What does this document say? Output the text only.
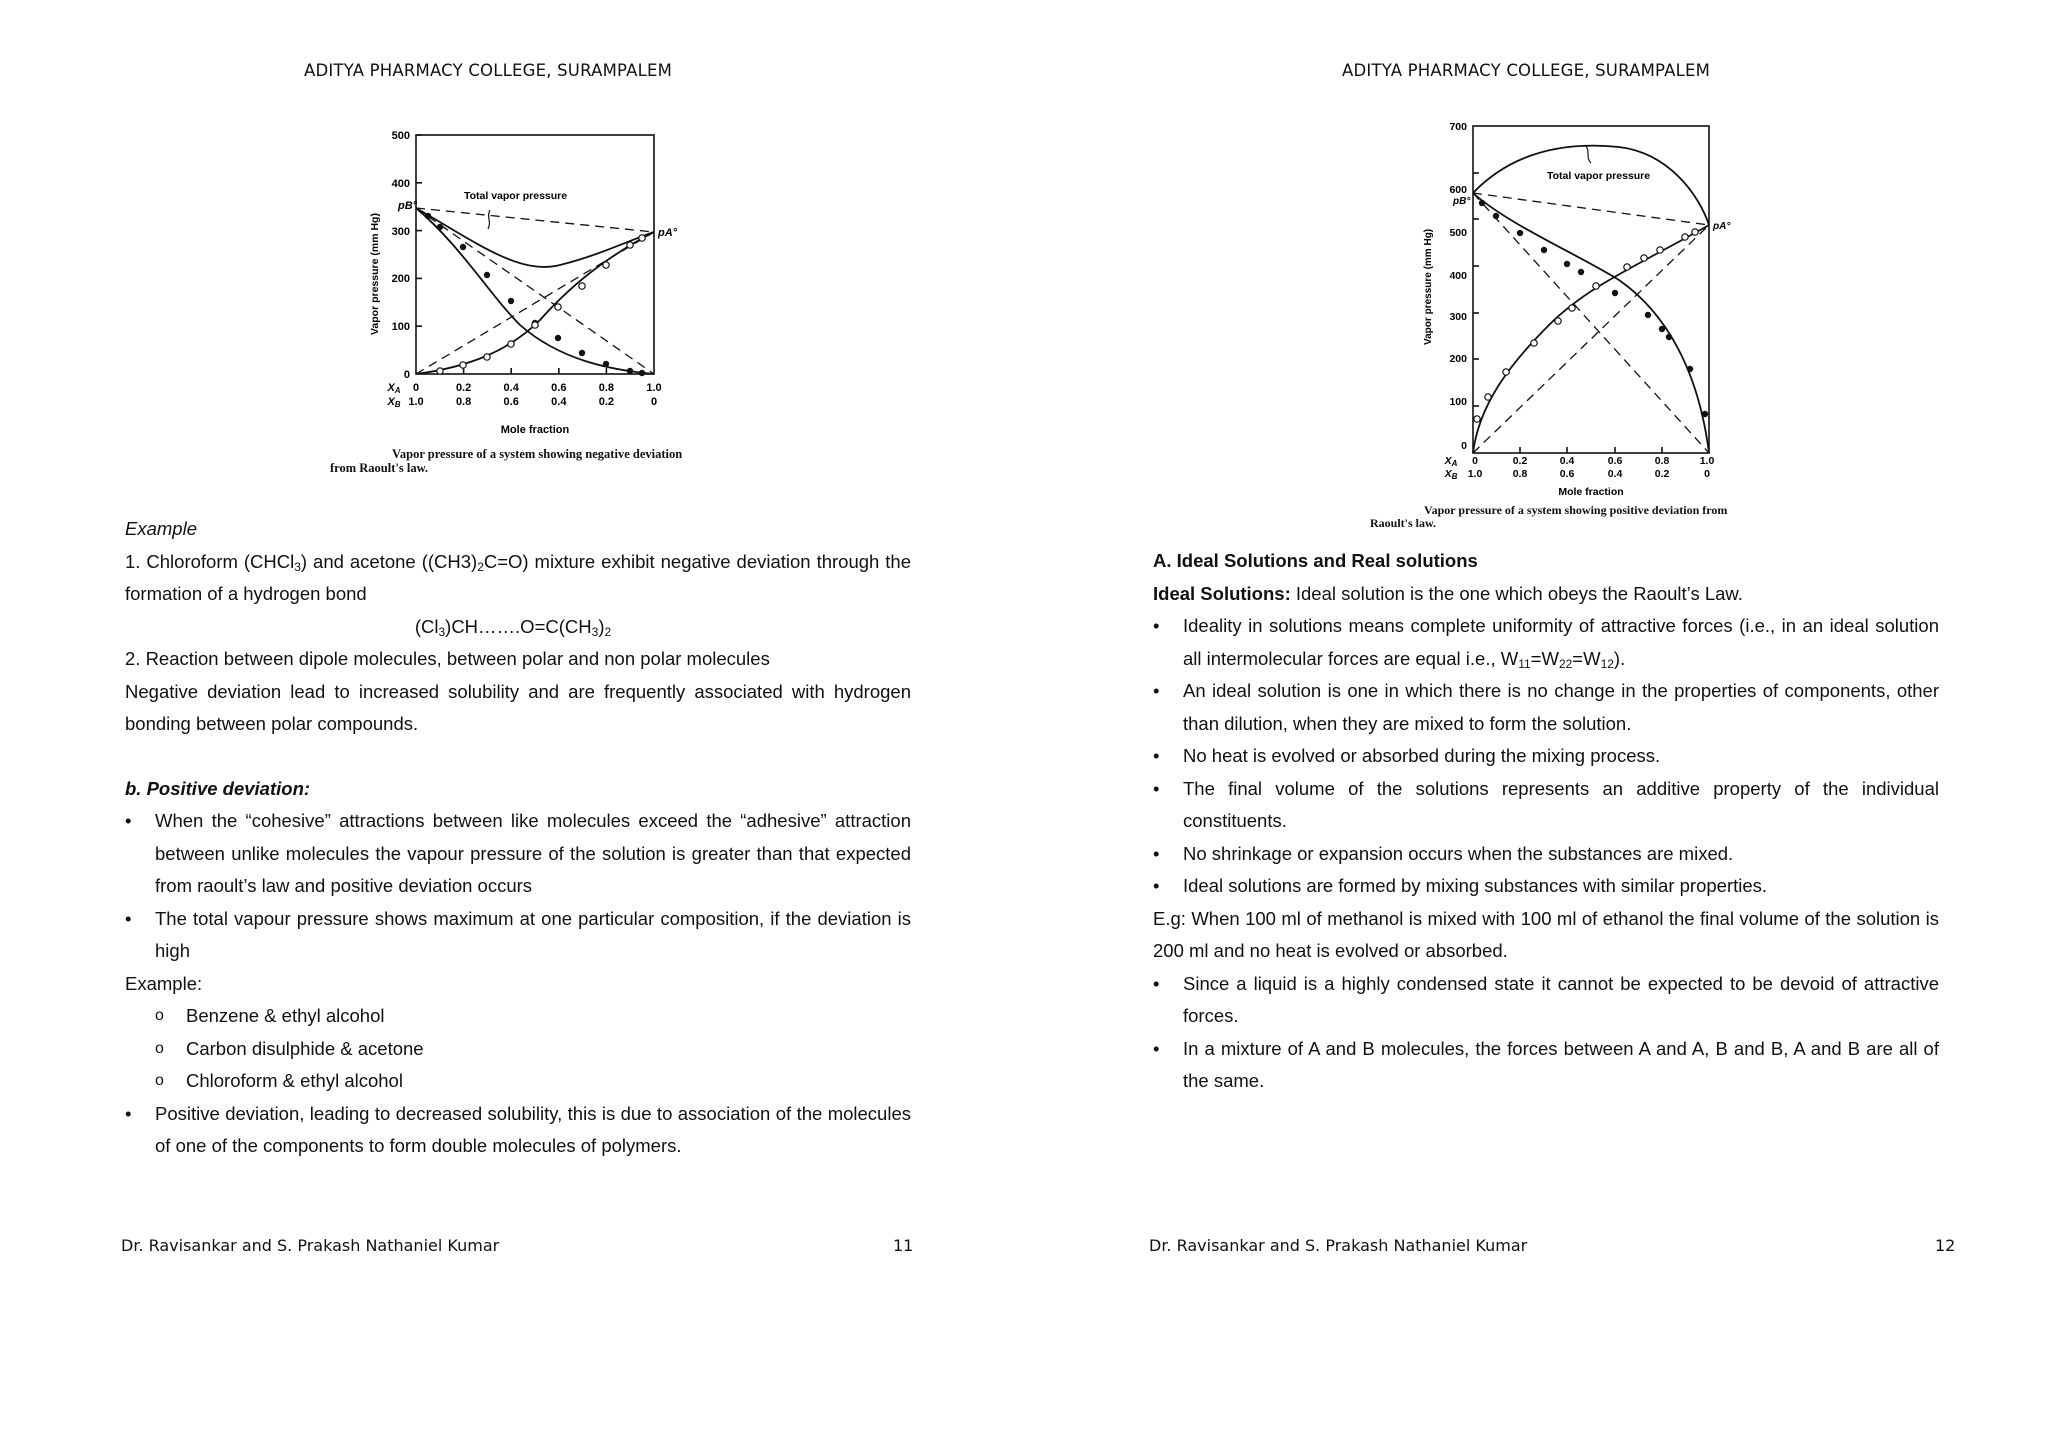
ADITYA PHARMACY COLLEGE, SURAMPALEM
Total vapor pressure
pB°
pA°
500
400
300
200
100
0
Vapor pressure (mm Hg)
XA 0	0.2	0.4	0.6	0.8	1.0
XB 1.0	0.8	0.6	0.4	0.2	0
Mole fraction
Vapor pressure of a system showing negative deviation
from Raoult's law.

Example

1. Chloroform (CHCl$_3$) and acetone $((CH3)_2C=O)$ mixture exhibit negative deviation through the formation of a hydrogen bond

$(Cl_3)CH\dots\dots.O=C(CH_3)_2$

2. Reaction between dipole molecules, between polar and non polar molecules

Negative deviation lead to increased solubility and are frequently associated with hydrogen bonding between polar compounds.

b. Positive deviation:

• When the “cohesive” attractions between like molecules exceed the “adhesive” attraction between unlike molecules the vapour pressure of the solution is greater than that expected from raoult’s law and positive deviation occurs
• The total vapour pressure shows maximum at one particular composition, if the deviation is high

Example:

o Benzene & ethyl alcohol
o Carbon disulphide & acetone
o Chloroform & ethyl alcohol
• Positive deviation, leading to decreased solubility, this is due to association of the molecules of one of the components to form double molecules of polymers.
Dr. Ravisankar and S. Prakash Nathaniel Kumar	11
ADITYA PHARMACY COLLEGE, SURAMPALEM
Total vapor pressure
pB°
pA°
700
600
500
400
300
200
100
0
Vapor pressure (mm Hg)
XA 0	0.2	0.4	0.6	0.8	1.0
XB 1.0	0.8	0.6	0.4	0.2	0
Mole fraction
Vapor pressure of a system showing positive deviation from
Raoult's law.

A. Ideal Solutions and Real solutions

Ideal Solutions: Ideal solution is the one which obeys the Raoult’s Law.

• Ideality in solutions means complete uniformity of attractive forces (i.e., in an ideal solution all intermolecular forces are equal i.e., $W_{11}=W_{22}=W_{12}$).
• An ideal solution is one in which there is no change in the properties of components, other than dilution, when they are mixed to form the solution.
• No heat is evolved or absorbed during the mixing process.
• The final volume of the solutions represents an additive property of the individual constituents.
• No shrinkage or expansion occurs when the substances are mixed.
• Ideal solutions are formed by mixing substances with similar properties.

E.g: When 100 ml of methanol is mixed with 100 ml of ethanol the final volume of the solution is 200 ml and no heat is evolved or absorbed.

• Since a liquid is a highly condensed state it cannot be expected to be devoid of attractive forces.
• In a mixture of A and B molecules, the forces between A and A, B and B, A and B are all of the same.
Dr. Ravisankar and S. Prakash Nathaniel Kumar	12
